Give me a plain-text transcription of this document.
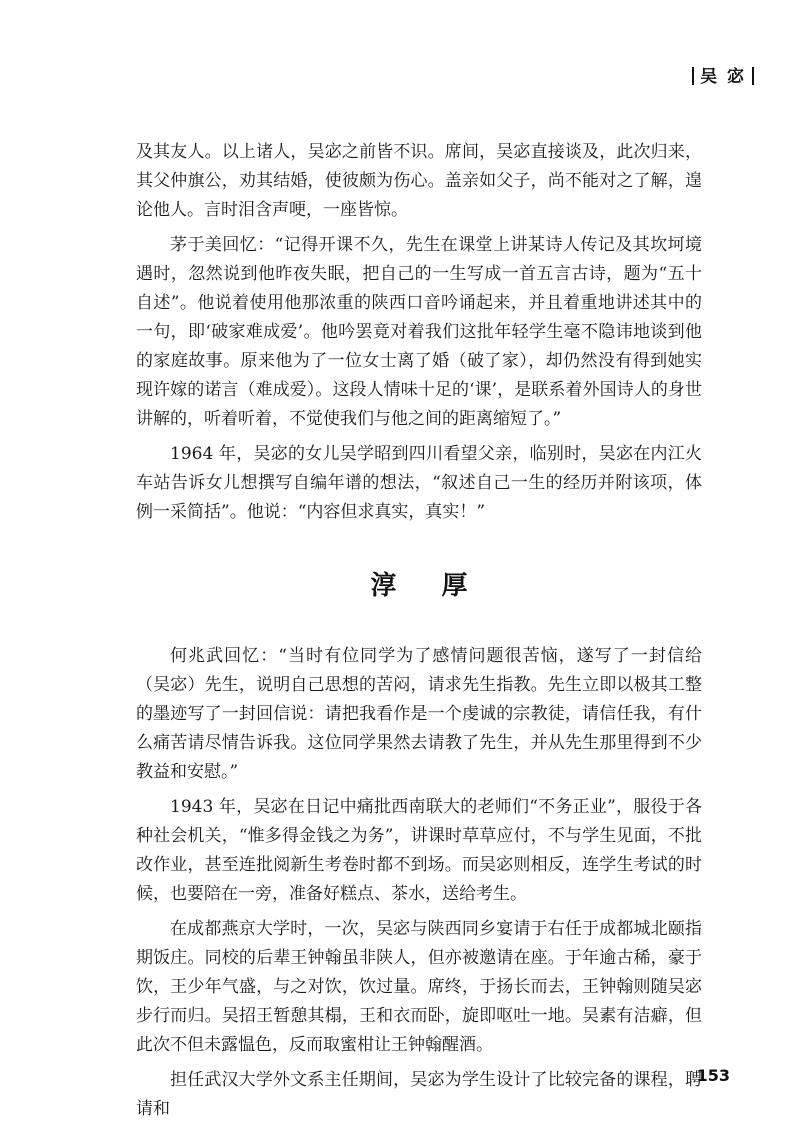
吴 宓

及其友人。以上诸人，吴宓之前皆不识。席间，吴宓直接谈及，此次归来，其父仲旗公，劝其结婚，使彼颇为伤心。盖亲如父子，尚不能对之了解，遑论他人。言时泪含声哽，一座皆惊。

茅于美回忆：“记得开课不久，先生在课堂上讲某诗人传记及其坎坷境遇时，忽然说到他昨夜失眠，把自己的一生写成一首五言古诗，题为“五十自述”。他说着使用他那浓重的陕西口音吟诵起来，并且着重地讲述其中的一句，即‘破家难成爱’。他吟罢竟对着我们这批年轻学生毫不隐讳地谈到他的家庭故事。原来他为了一位女士离了婚（破了家），却仍然没有得到她实现许嫁的诺言（难成爱）。这段人情味十足的‘课’，是联系着外国诗人的身世讲解的，听着听着，不觉使我们与他之间的距离缩短了。”

1964 年，吴宓的女儿吴学昭到四川看望父亲，临别时，吴宓在内江火车站告诉女儿想撰写自编年谱的想法，“叙述自己一生的经历并附该项，体例一采简括”。他说：“内容但求真实，真实！”

淳 厚

何兆武回忆：“当时有位同学为了感情问题很苦恼，遂写了一封信给（吴宓）先生，说明自己思想的苦闷，请求先生指教。先生立即以极其工整的墨迹写了一封回信说：请把我看作是一个虔诚的宗教徒，请信任我，有什么痛苦请尽情告诉我。这位同学果然去请教了先生，并从先生那里得到不少教益和安慰。”

1943 年，吴宓在日记中痛批西南联大的老师们“不务正业”，服役于各种社会机关，“惟多得金钱之为务”，讲课时草草应付，不与学生见面，不批改作业，甚至连批阅新生考卷时都不到场。而吴宓则相反，连学生考试的时候，也要陪在一旁，准备好糕点、茶水，送给考生。

在成都燕京大学时，一次，吴宓与陕西同乡宴请于右任于成都城北颐指期饭庄。同校的后辈王钟翰虽非陕人，但亦被邀请在座。于年逾古稀，豪于饮，王少年气盛，与之对饮，饮过量。席终，于扬长而去，王钟翰则随吴宓步行而归。吴招王暂憩其榻，王和衣而卧，旋即呕吐一地。吴素有洁癖，但此次不但未露愠色，反而取蜜柑让王钟翰醒酒。

担任武汉大学外文系主任期间，吴宓为学生设计了比较完备的课程，聘请和

153
